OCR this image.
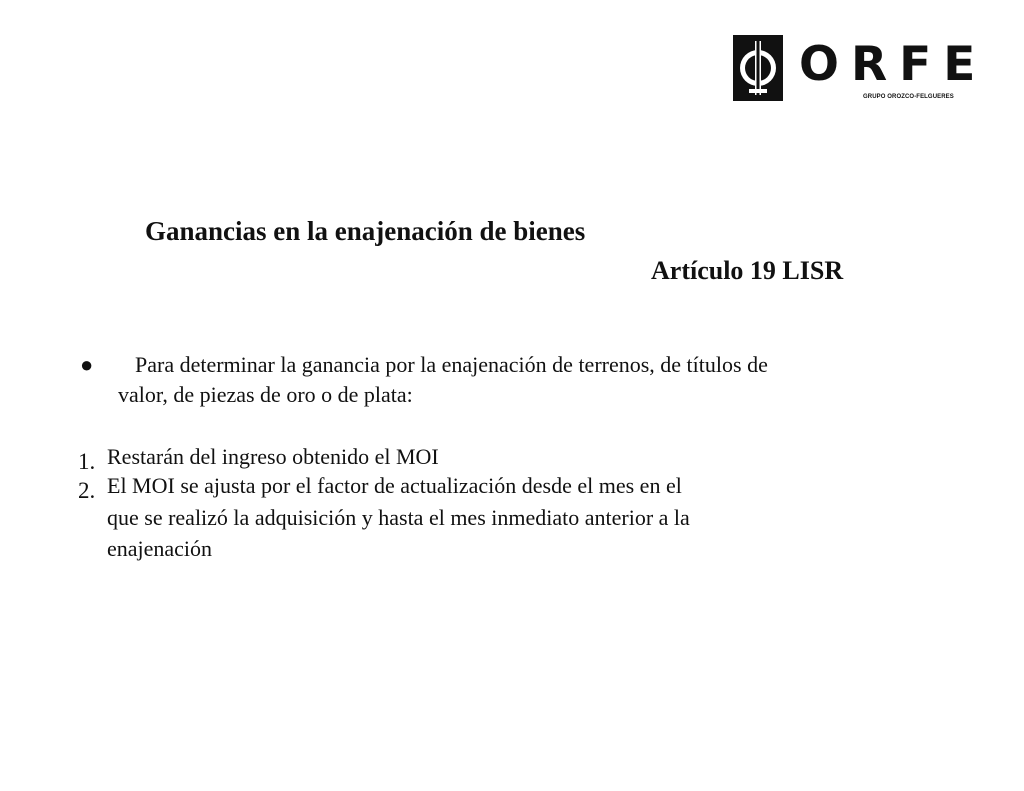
ORFE
GRUPO OROZCO-FELGUERES
Ganancias en la enajenación de bienes
Artículo 19 LISR
● Para determinar la ganancia por la enajenación de terrenos, de títulos de
valor, de piezas de oro o de plata:
1. Restarán del ingreso obtenido el MOI
2. El MOI se ajusta por el factor de actualización desde el mes en el
que se realizó la adquisición y hasta el mes inmediato anterior a la
enajenación
